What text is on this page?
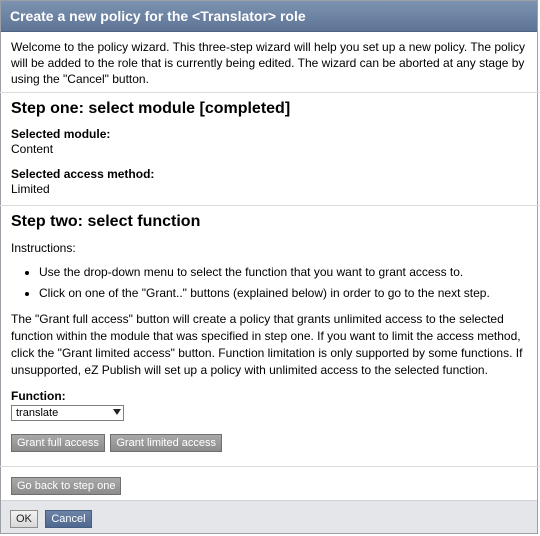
Create a new policy for the <Translator> role

Welcome to the policy wizard. This three-step wizard will help you set up a new policy. The policy will be added to the role that is currently being edited. The wizard can be aborted at any stage by using the "Cancel" button.

Step one: select module [completed]

Selected module:

Content

Selected access method:

Limited

Step two: select function

Instructions:

• Use the drop-down menu to select the function that you want to grant access to.
• Click on one of the "Grant.." buttons (explained below) in order to go to the next step.

The "Grant full access" button will create a policy that grants unlimited access to the selected function within the module that was specified in step one. If you want to limit the access method, click the "Grant limited access" button. Function limitation is only supported by some functions. If unsupported, eZ Publish will set up a policy with unlimited access to the selected function.

Function:

translate
Grant full access Grant limited access
Go back to step one
OK Cancel
